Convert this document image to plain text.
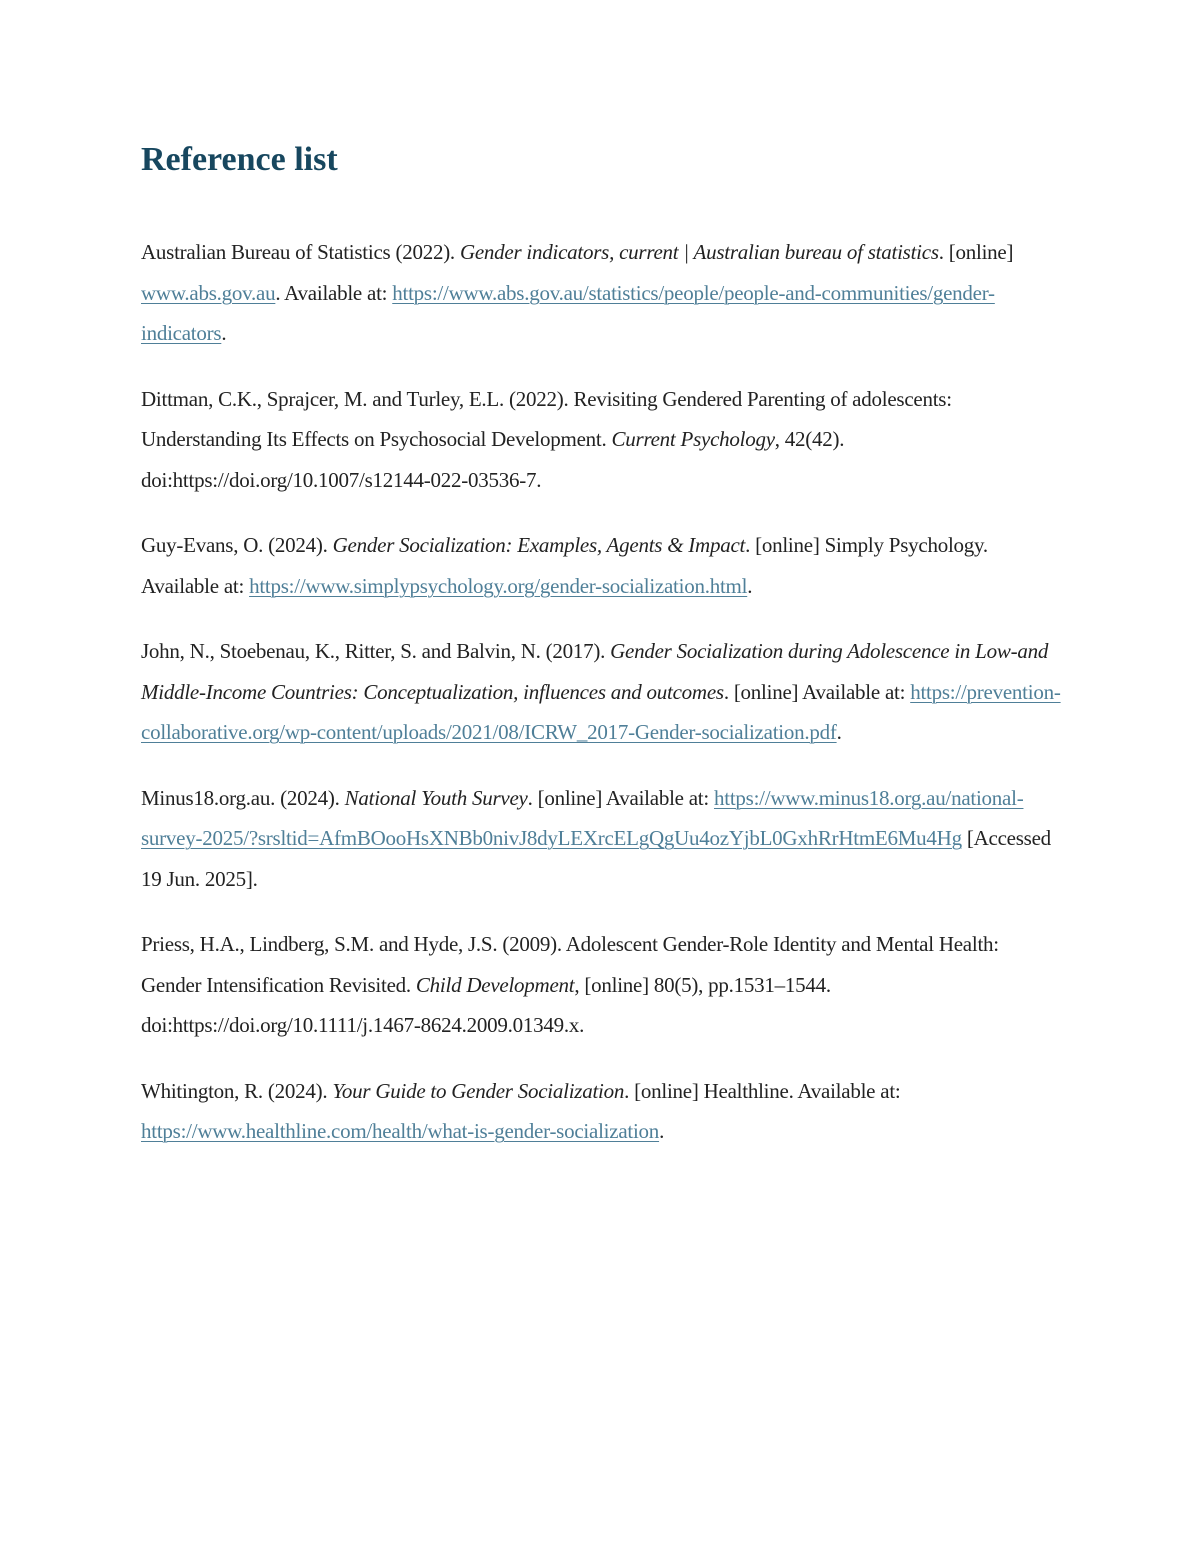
Reference list

Australian Bureau of Statistics (2022). Gender indicators, current | Australian bureau of statistics. [online] www.abs.gov.au. Available at: https://www.abs.gov.au/statistics/people/people-and-communities/gender-indicators.

Dittman, C.K., Sprajcer, M. and Turley, E.L. (2022). Revisiting Gendered Parenting of adolescents: Understanding Its Effects on Psychosocial Development. Current Psychology, 42(42). doi:https://doi.org/10.1007/s12144-022-03536-7.

Guy-Evans, O. (2024). Gender Socialization: Examples, Agents & Impact. [online] Simply Psychology. Available at: https://www.simplypsychology.org/gender-socialization.html.

John, N., Stoebenau, K., Ritter, S. and Balvin, N. (2017). Gender Socialization during Adolescence in Low-and Middle-Income Countries: Conceptualization, influences and outcomes. [online] Available at: https://prevention-collaborative.org/wp-content/uploads/2021/08/ICRW_2017-Gender-socialization.pdf.

Minus18.org.au. (2024). National Youth Survey. [online] Available at: https://www.minus18.org.au/national-survey-2025/?srsltid=AfmBOooHsXNBb0nivJ8dyLEXrcELgQgUu4ozYjbL0GxhRrHtmE6Mu4Hg [Accessed 19 Jun. 2025].

Priess, H.A., Lindberg, S.M. and Hyde, J.S. (2009). Adolescent Gender-Role Identity and Mental Health: Gender Intensification Revisited. Child Development, [online] 80(5), pp.1531–1544. doi:https://doi.org/10.1111/j.1467-8624.2009.01349.x.

Whitington, R. (2024). Your Guide to Gender Socialization. [online] Healthline. Available at: https://www.healthline.com/health/what-is-gender-socialization.
